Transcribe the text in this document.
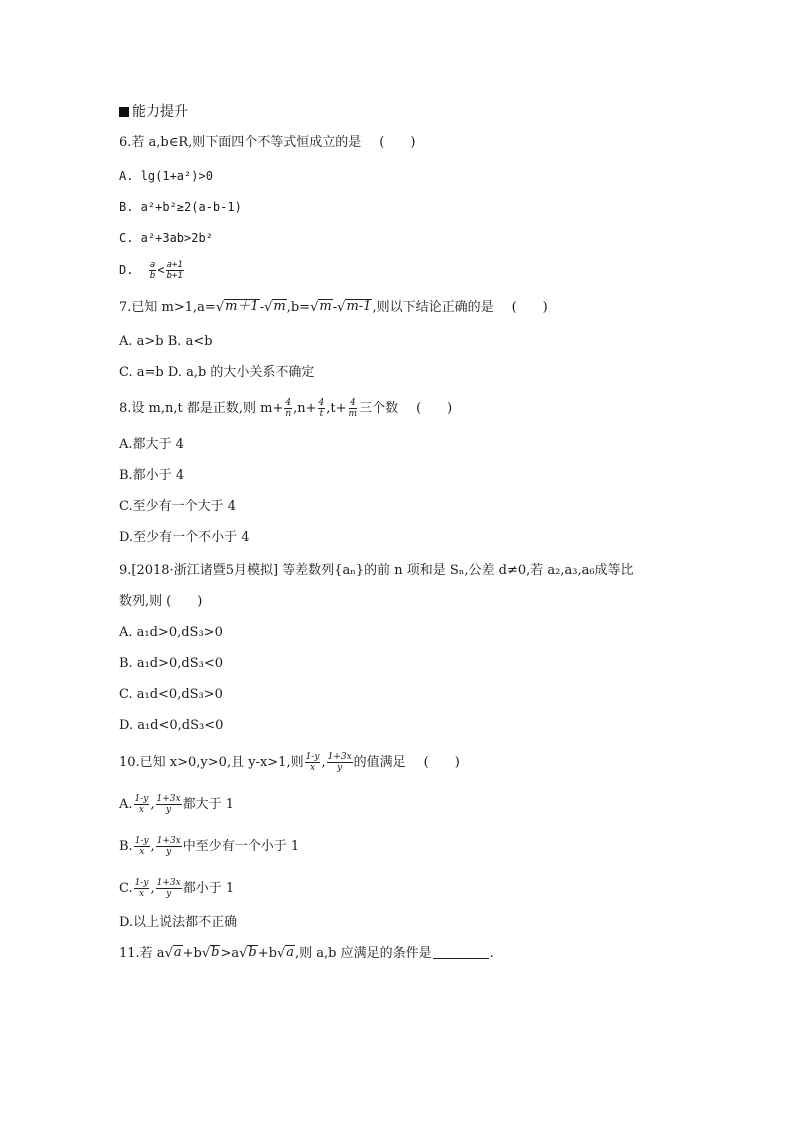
能力提升
6.若 a,b∈R,则下面四个不等式恒成立的是 (　　)
A. lg(1+a²)>0
B. a²+b²≥2(a-b-1)
C. a²+3ab>2b²
D. $\frac{a}{b} < \frac{a+1}{b+1}$
7.已知 m>1,a= √ m＋1 - √ m ,b= √ m - √ m-1 ,则以下结论正确的是 (　　)
A. a>b B. a<b
C. a=b D. a,b 的大小关系不确定
8.设 m,n,t 都是正数,则 $m+ \frac{4}{n} ,n+ \frac{4}{t} ,t+ \frac{4}{m}$ 三个数 (　　)
A.都大于 4
B.都小于 4
C.至少有一个大于 4
D.至少有一个不小于 4
9.[2018·浙江诸暨5月模拟] 等差数列{aₙ}的前 n 项和是 Sₙ,公差 d≠0,若 a₂,a₃,a₆成等比
数列,则 (　　)
A. a₁d>0,dS₃>0
B. a₁d>0,dS₃<0
C. a₁d<0,dS₃>0
D. a₁d<0,dS₃<0
10.已知 x>0,y>0,且 y-x>1,则 $\frac{1-y}{x}$ , $\frac{1+3x}{y}$ 的值满足 (　　)
A. $\frac{1-y}{x}$ , $\frac{1+3x}{y}$ 都大于 1
B. $\frac{1-y}{x}$ , $\frac{1+3x}{y}$ 中至少有一个小于 1
C. $\frac{1-y}{x}$ , $\frac{1+3x}{y}$ 都小于 1
D.以上说法都不正确
11.若 a √ a +b √ b >a √ b +b √ a ,则 a,b 应满足的条件是	.
